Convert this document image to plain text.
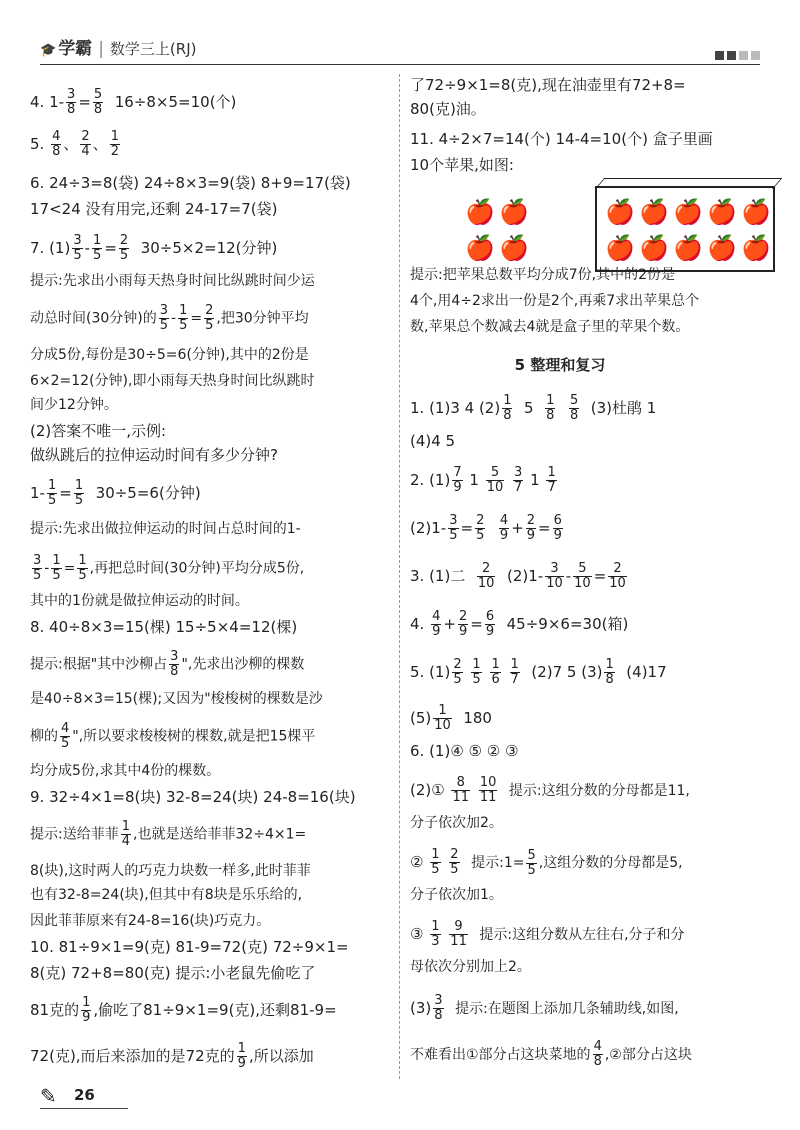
🎓 学霸 | 数学三上(RJ)
4. $1- \frac{3}{8} = \frac{5}{8} 16\div 8\times 5=10$(个)
5. $\frac{4}{8}$ 、 $\frac{2}{4}$ 、 $\frac{1}{2}$
6. 24÷3=8(袋) 24÷8×3=9(袋) 8+9=17(袋)
17<24 没有用完,还剩 24-17=7(袋)
7. $(1) \frac{3}{5} - \frac{1}{5} = \frac{2}{5} 30\div 5\times 2=12$(分钟)
提示:先求出小雨每天热身时间比纵跳时间少运
动总时间(30分钟)的 $\frac{3}{5} - \frac{1}{5} = \frac{2}{5}$ ,把30分钟平均
分成5份,每份是30÷5=6(分钟),其中的2份是
6×2=12(分钟),即小雨每天热身时间比纵跳时
间少12分钟。
(2)答案不唯一,示例:
做纵跳后的拉伸运动时间有多少分钟?
$1- \frac{1}{5} = \frac{1}{5} 30\div 5=6$(分钟)
提示:先求出做拉伸运动的时间占总时间的1-
$\frac{3}{5} - \frac{1}{5} = \frac{1}{5}$ ,再把总时间(30分钟)平均分成5份,
其中的1份就是做拉伸运动的时间。
8. 40÷8×3=15(棵) 15÷5×4=12(棵)
提示:根据"其中沙柳占 $\frac{3}{8}$ ",先求出沙柳的棵数
是40÷8×3=15(棵);又因为"梭梭树的棵数是沙
柳的 $\frac{4}{5}$ ",所以要求梭梭树的棵数,就是把15棵平
均分成5份,求其中4份的棵数。
9. 32÷4×1=8(块) 32-8=24(块) 24-8=16(块)
提示:送给菲菲 $\frac{1}{4}$ ,也就是送给菲菲32÷4×1=
8(块),这时两人的巧克力块数一样多,此时菲菲
也有32-8=24(块),但其中有8块是乐乐给的,
因此菲菲原来有24-8=16(块)巧克力。
10. 81÷9×1=9(克) 81-9=72(克) 72÷9×1=
8(克) 72+8=80(克) 提示:小老鼠先偷吃了
81克的 $\frac{1}{9}$ ,偷吃了81÷9×1=9(克),还剩81-9=
72(克),而后来添加的是72克的 $\frac{1}{9}$ ,所以添加
了72÷9×1=8(克),现在油壶里有72+8=
80(克)油。
11. 4÷2×7=14(个) 14-4=10(个) 盒子里画
10个苹果,如图:
提示:把苹果总数平均分成7份,其中的2份是
4个,用4÷2求出一份是2个,再乘7求出苹果总个
数,苹果总个数减去4就是盒子里的苹果个数。
5 整理和复习
1. (1)3 4 $(2) \frac{1}{8} 5 \frac{1}{8}$
$\frac{5}{8} (3)$杜鹃 1
(4)4 5
2. $(1) \frac{7}{9} 1 \frac{5}{10}$
$\frac{3}{7} 1 \frac{1}{7}$
$(2)1- \frac{3}{5} = \frac{2}{5}$
$\frac{4}{9} + \frac{2}{9} = \frac{6}{9}$
3. (1)二 $\frac{2}{10} (2)1- \frac{3}{10} - \frac{5}{10} = \frac{2}{10}$
4. $\frac{4}{9} + \frac{2}{9} = \frac{6}{9} 45\div 9\times 6=30$(箱)
5. $(1) \frac{2}{5}$
$\frac{1}{5}$
$\frac{1}{6}$
$\frac{1}{7} (2)7$ 5 $(3) \frac{1}{8} (4)17$
$(5) \frac{1}{10} 180$
6. (1)④ ⑤ ② ③
(2)① $\frac{8}{11}$
$\frac{10}{11}$ 提示:这组分数的分母都是11,
分子依次加2。
② $\frac{1}{5}$
$\frac{2}{5}$ 提示:1= $\frac{5}{5}$ ,这组分数的分母都是5,
分子依次加1。
③ $\frac{1}{3}$
$\frac{9}{11}$ 提示:这组分数从左往右,分子和分
母依次分别加上2。
$(3) \frac{3}{8}$ 提示:在题图上添加几条辅助线,如图,
不难看出①部分占这块菜地的 $\frac{4}{8}$ ,②部分占这块
🍎 🍎
🍎 🍎
🍎 🍎 🍎 🍎 🍎
🍎 🍎 🍎 🍎 🍎
✎ 26
